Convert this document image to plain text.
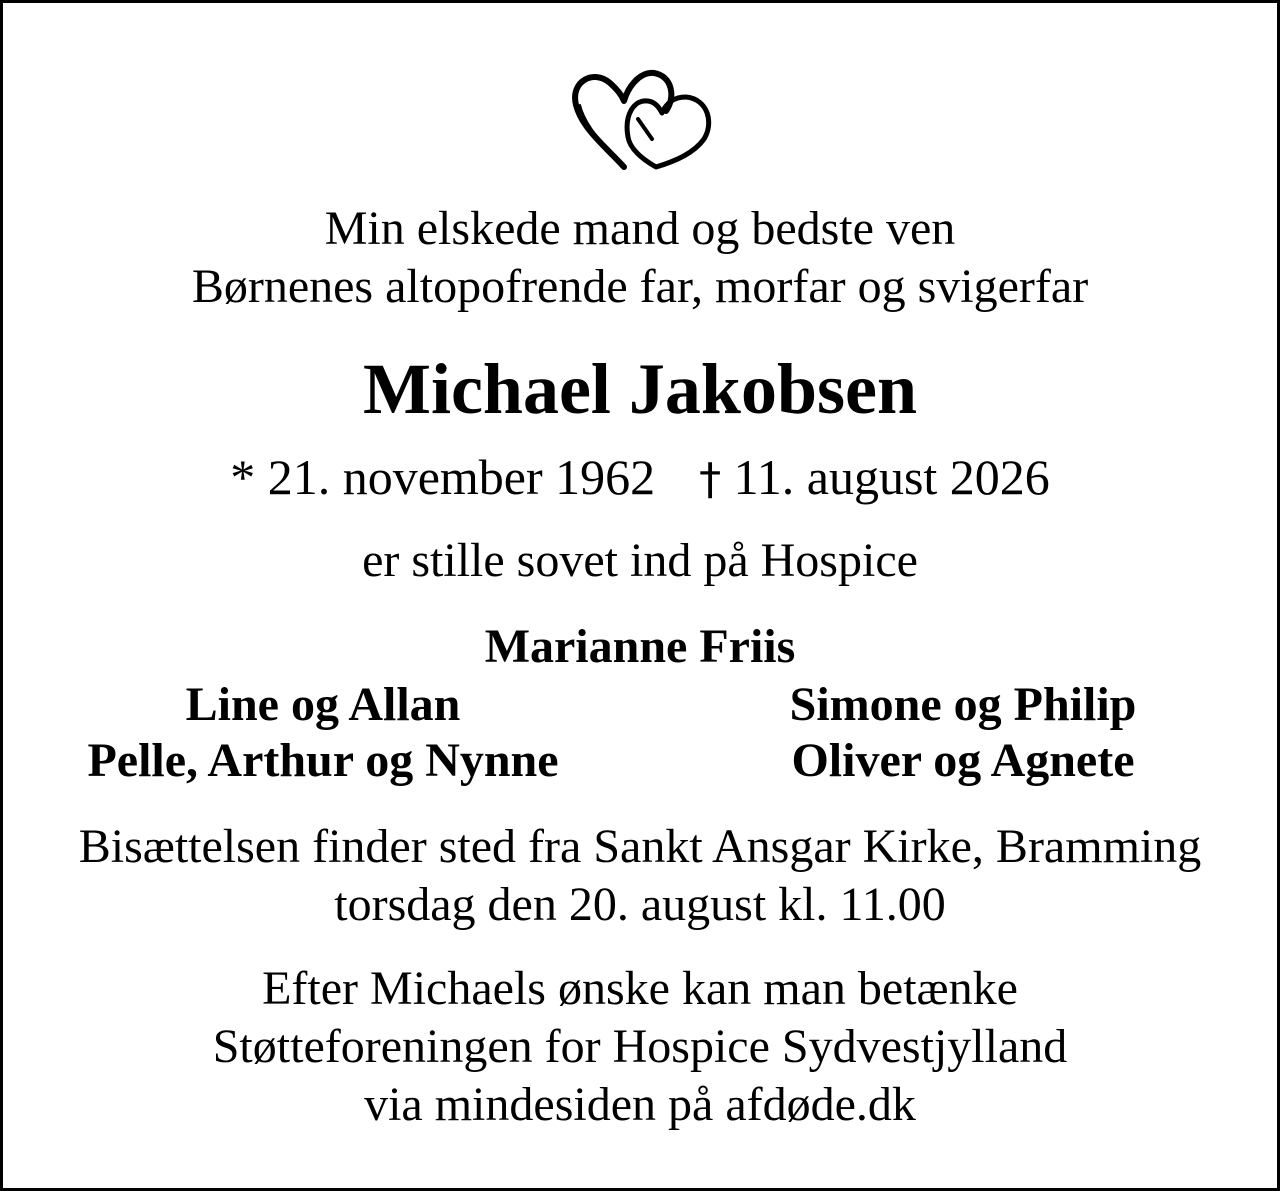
Min elskede mand og bedste ven
Børnenes altopofrende far, morfar og svigerfar
Michael Jakobsen
* 21. november 1962 † 11. august 2026
er stille sovet ind på Hospice
Marianne Friis
Line og Allan
Pelle, Arthur og Nynne
Simone og Philip
Oliver og Agnete
Bisættelsen finder sted fra Sankt Ansgar Kirke, Bramming
torsdag den 20. august kl. 11.00
Efter Michaels ønske kan man betænke
Støtteforeningen for Hospice Sydvestjylland
via mindesiden på afdøde.dk
